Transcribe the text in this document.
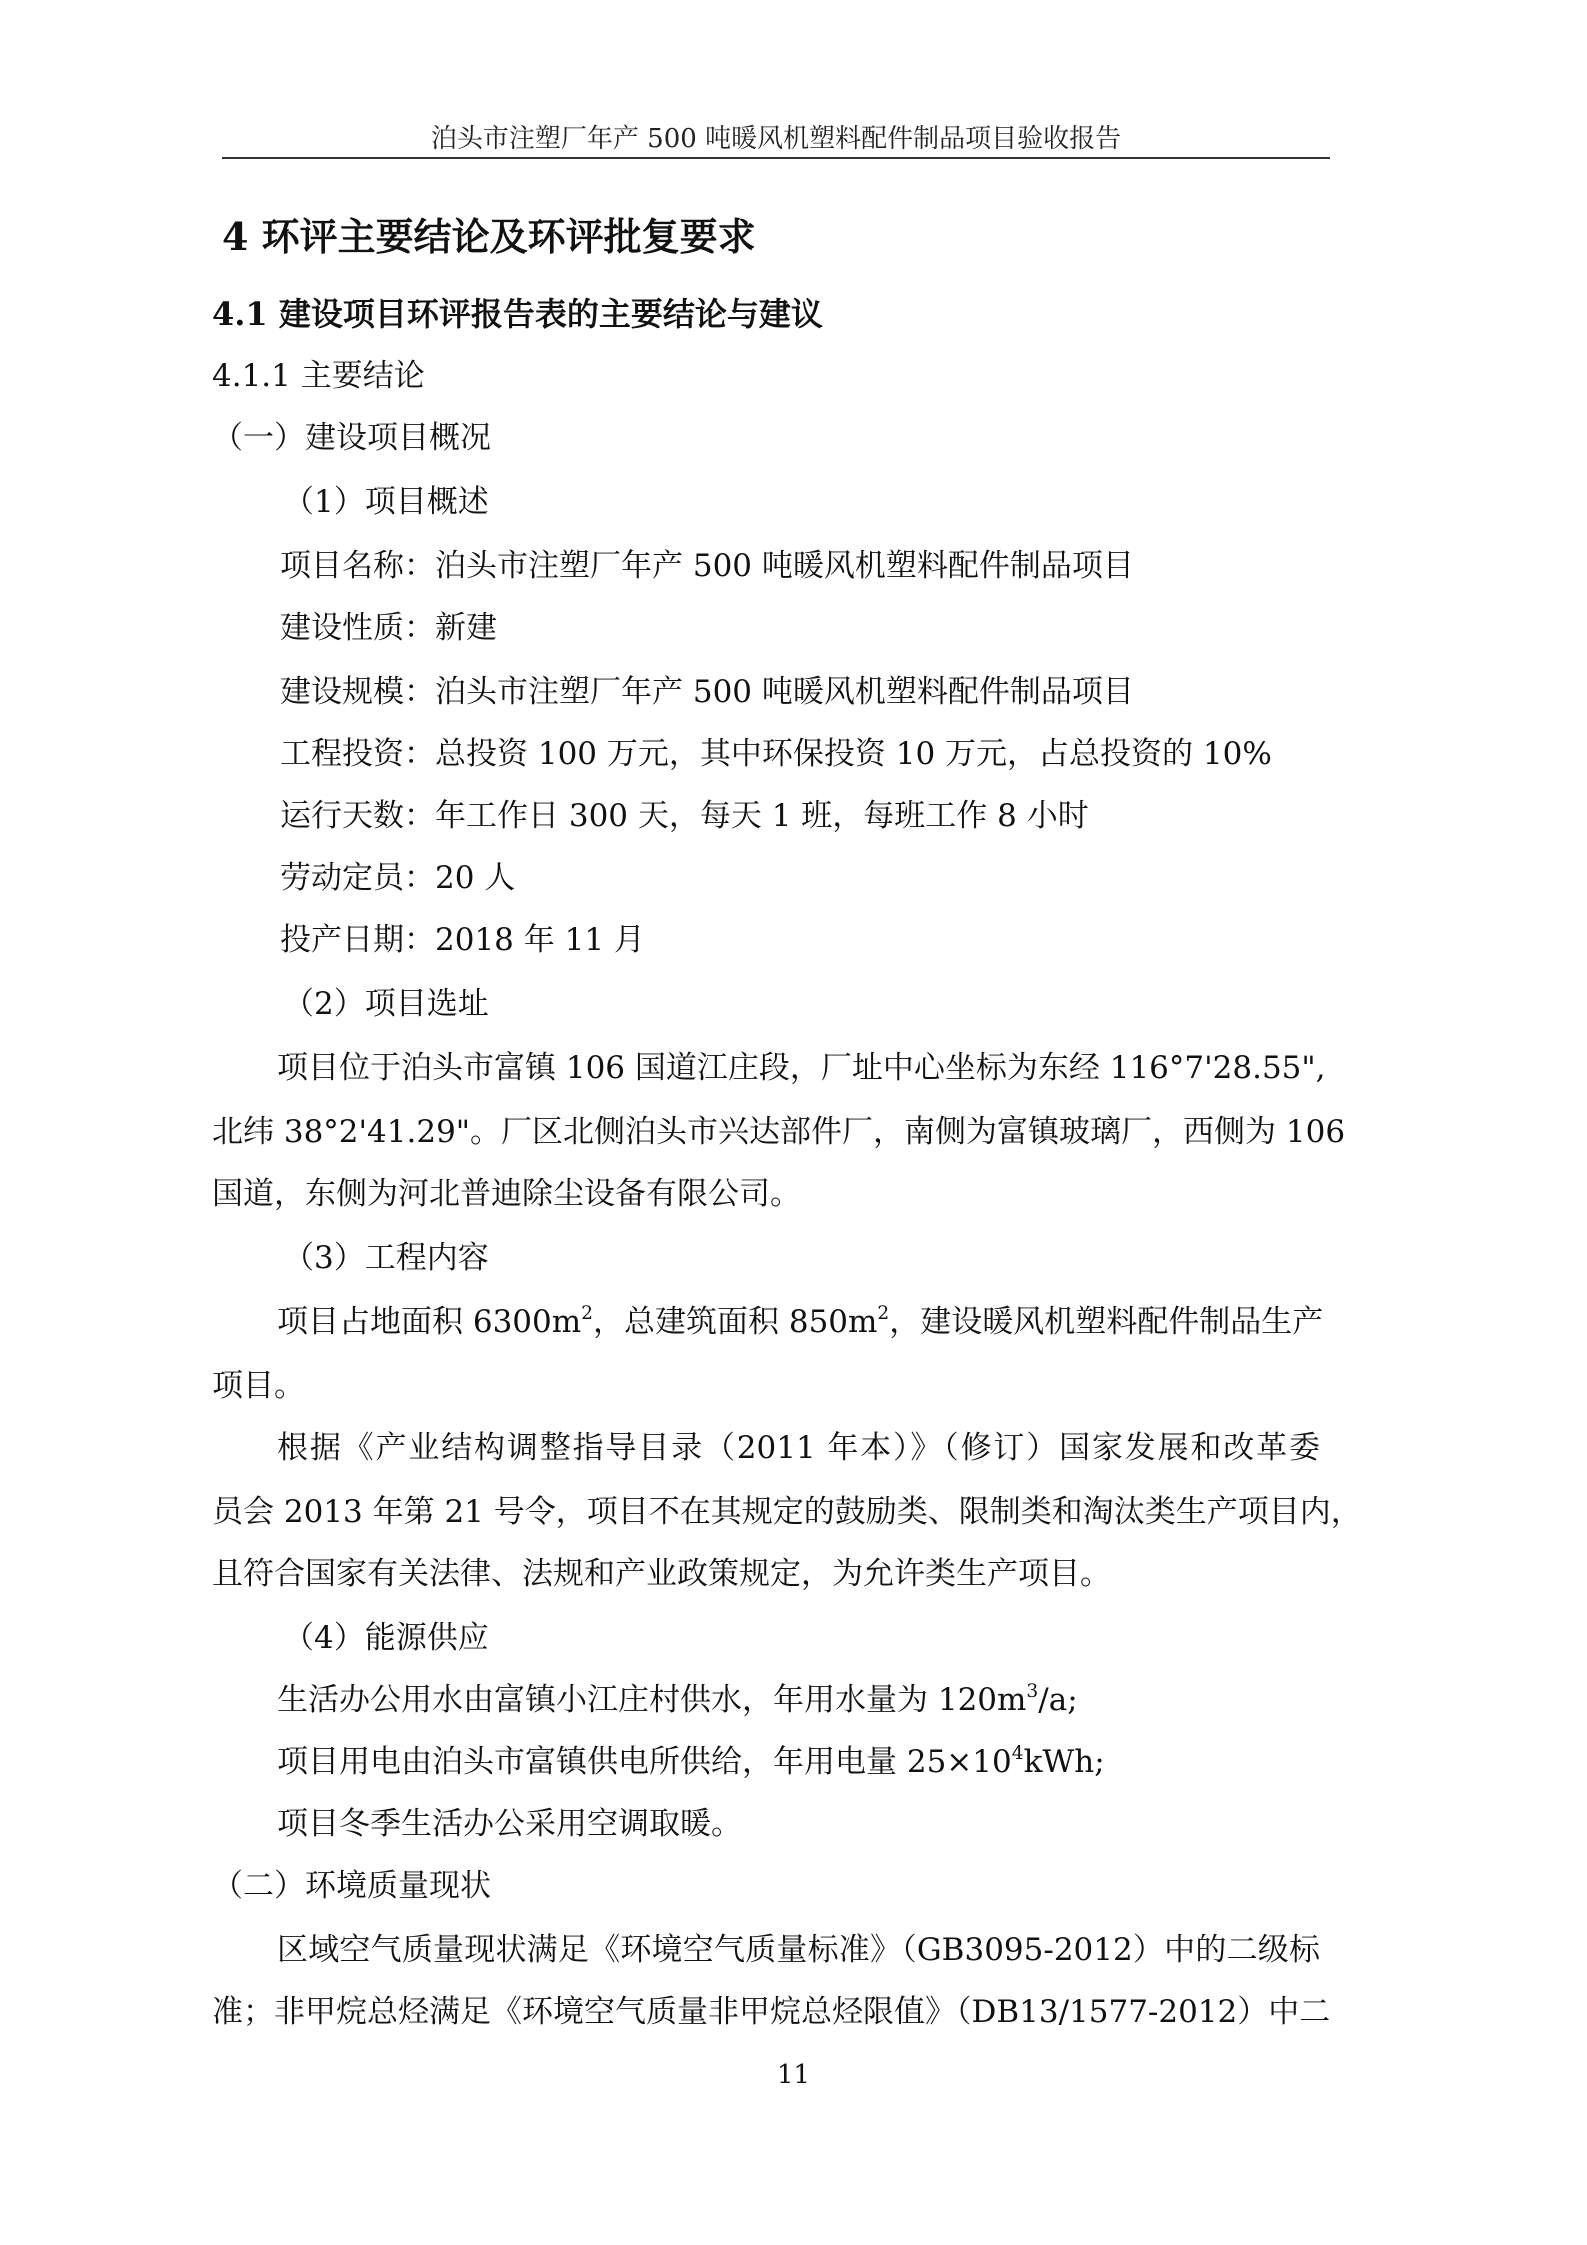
泊头市注塑厂年产 500 吨暖风机塑料配件制品项目验收报告
4 环评主要结论及环评批复要求
4.1 建设项目环评报告表的主要结论与建议
4.1.1 主要结论
（一）建设项目概况
（1）项目概述
项目名称：泊头市注塑厂年产 500 吨暖风机塑料配件制品项目
建设性质：新建
建设规模：泊头市注塑厂年产 500 吨暖风机塑料配件制品项目
工程投资：总投资 100 万元，其中环保投资 10 万元，占总投资的 10%
运行天数：年工作日 300 天，每天 1 班，每班工作 8 小时
劳动定员：20 人
投产日期：2018 年 11 月
（2）项目选址
项目位于泊头市富镇 106 国道江庄段，厂址中心坐标为东经 116°7'28.55",
北纬 38°2'41.29"。厂区北侧泊头市兴达部件厂，南侧为富镇玻璃厂，西侧为 106
国道，东侧为河北普迪除尘设备有限公司。
（3）工程内容
项目占地面积 $6300m^2$，总建筑面积 $850m^2$，建设暖风机塑料配件制品生产
项目。
根据《产业结构调整指导目录（2011 年本）》（修订）国家发展和改革委
员会 2013 年第 21 号令，项目不在其规定的鼓励类、限制类和淘汰类生产项目内，
且符合国家有关法律、法规和产业政策规定，为允许类生产项目。
（4）能源供应
生活办公用水由富镇小江庄村供水，年用水量为 $120m^3/a$;
项目用电由泊头市富镇供电所供给，年用电量 $25\times 10^4kWh$;
项目冬季生活办公采用空调取暖。
（二）环境质量现状
区域空气质量现状满足《环境空气质量标准》（GB3095-2012）中的二级标
准；非甲烷总烃满足《环境空气质量非甲烷总烃限值》（DB13/1577-2012）中二
11
